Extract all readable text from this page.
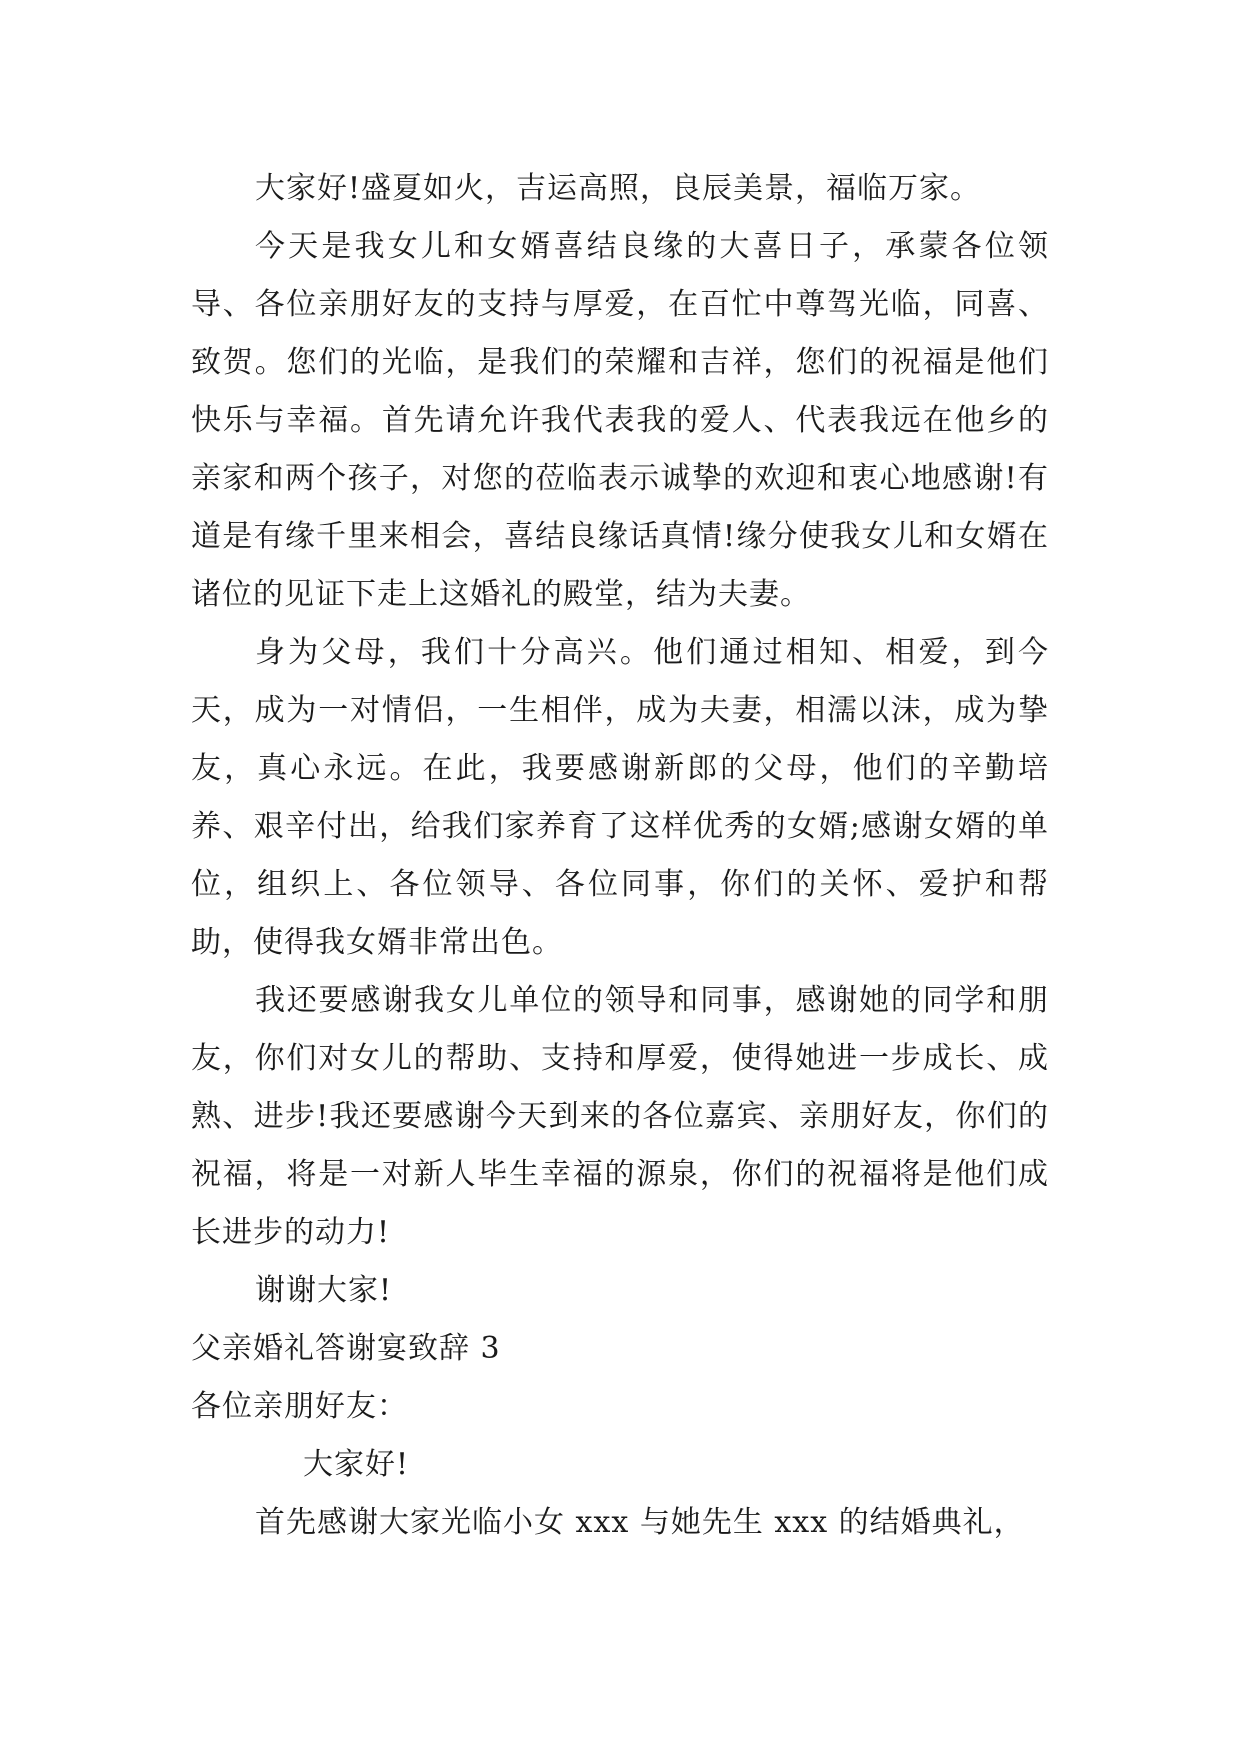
大家好!盛夏如火，吉运高照，良辰美景，福临万家。

今天是我女儿和女婿喜结良缘的大喜日子，承蒙各位领导、各位亲朋好友的支持与厚爱，在百忙中尊驾光临，同喜、致贺。您们的光临，是我们的荣耀和吉祥，您们的祝福是他们快乐与幸福。首先请允许我代表我的爱人、代表我远在他乡的亲家和两个孩子，对您的莅临表示诚挚的欢迎和衷心地感谢!有道是有缘千里来相会，喜结良缘话真情!缘分使我女儿和女婿在诸位的见证下走上这婚礼的殿堂，结为夫妻。

身为父母，我们十分高兴。他们通过相知、相爱，到今天，成为一对情侣，一生相伴，成为夫妻，相濡以沫，成为挚友，真心永远。在此，我要感谢新郎的父母，他们的辛勤培养、艰辛付出，给我们家养育了这样优秀的女婿;感谢女婿的单位，组织上、各位领导、各位同事，你们的关怀、爱护和帮助，使得我女婿非常出色。

我还要感谢我女儿单位的领导和同事，感谢她的同学和朋友，你们对女儿的帮助、支持和厚爱，使得她进一步成长、成熟、进步!我还要感谢今天到来的各位嘉宾、亲朋好友，你们的祝福，将是一对新人毕生幸福的源泉，你们的祝福将是他们成长进步的动力!

谢谢大家!

父亲婚礼答谢宴致辞 3

各位亲朋好友：

大家好!

首先感谢大家光临小女 xxx 与她先生 xxx 的结婚典礼，
